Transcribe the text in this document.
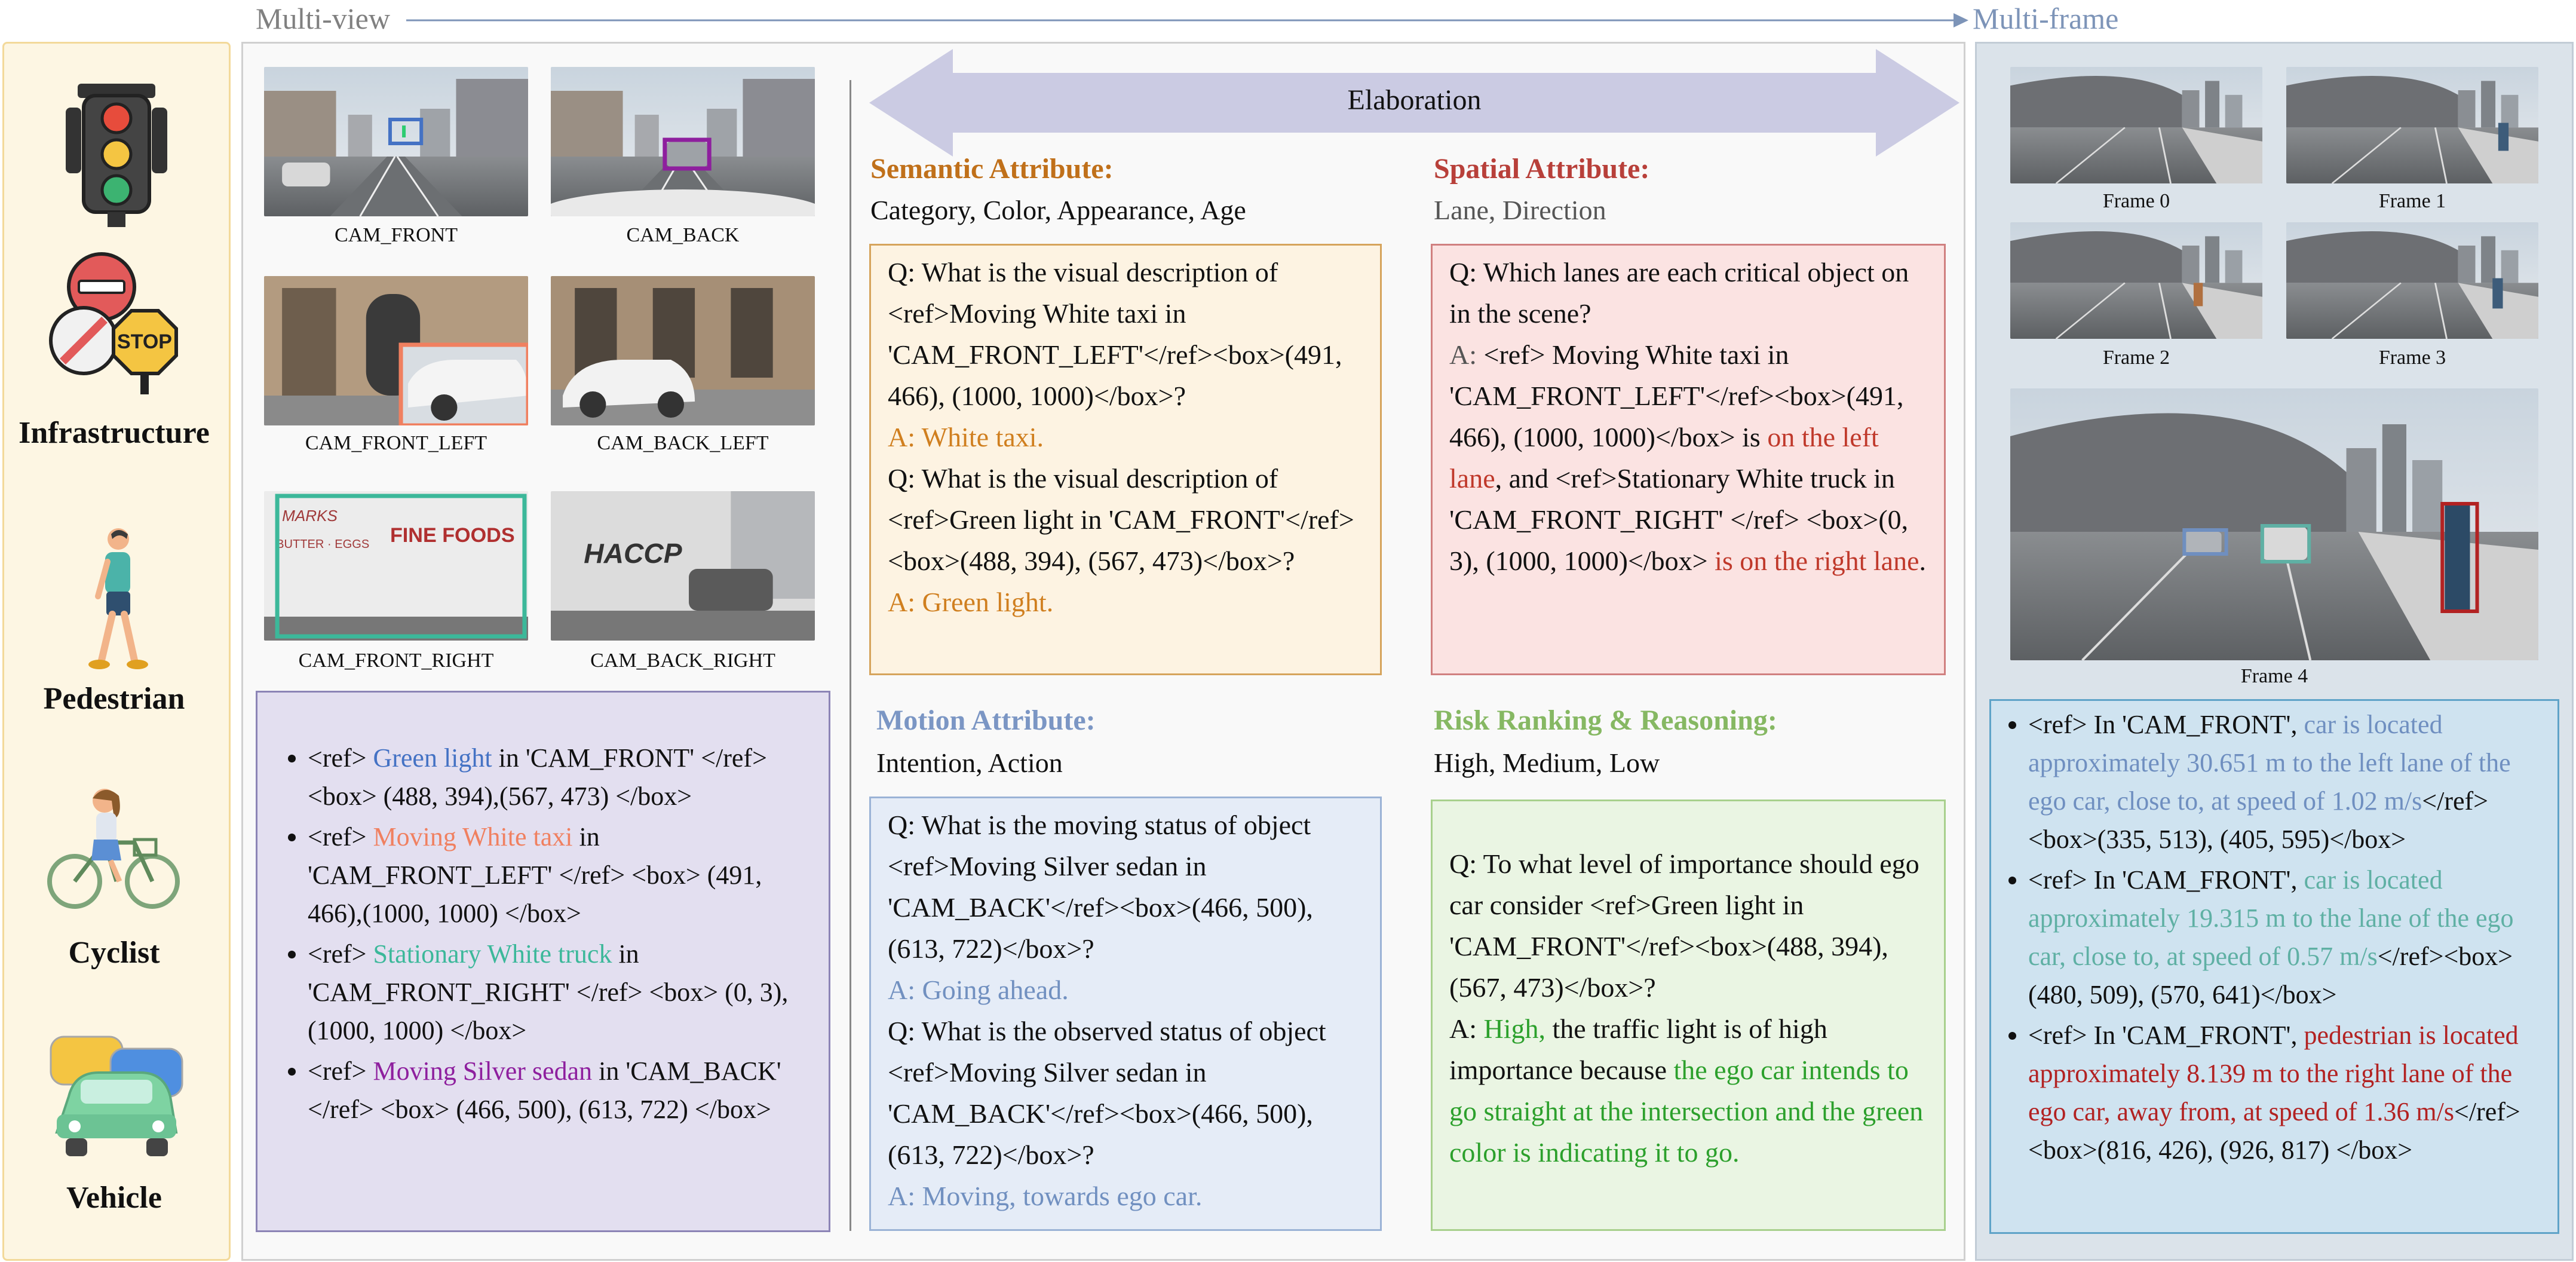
STOP
Infrastructure
Pedestrian
Cyclist
Vehicle
Multi-view	Multi-frame
CAM_FRONT	CAM_BACK
CAM_FRONT_LEFT	CAM_BACK_LEFT
MARKS
BUTTER · EGGS FINE FOODS
CAM_FRONT_RIGHT
HACCP
CAM_BACK_RIGHT
• <ref> Green light in 'CAM_FRONT' </ref> <box> (488, 394),(567, 473) </box>
• <ref> Moving White taxi in 'CAM_FRONT_LEFT' </ref> <box> (491, 466),(1000, 1000) </box>
• <ref> Stationary White truck in 'CAM_FRONT_RIGHT' </ref> <box> (0, 3), (1000, 1000) </box>
• <ref> Moving Silver sedan in 'CAM_BACK' </ref> <box> (466, 500), (613, 722) </box>
Elaboration
Semantic Attribute:
Category, Color, Appearance, Age
Q: What is the visual description of <ref>Moving White taxi in 'CAM_FRONT_LEFT'</ref><box>(491, 466), (1000, 1000)</box>?
A: White taxi.
Q: What is the visual description of <ref>Green light in 'CAM_FRONT'</ref><box>(488, 394), (567, 473)</box>?
A: Green light.
Spatial Attribute:
Lane, Direction
Q: Which lanes are each critical object on in the scene?
A: <ref> Moving White taxi in 'CAM_FRONT_LEFT'</ref><box>(491, 466), (1000, 1000)</box> is on the left lane, and <ref>Stationary White truck in 'CAM_FRONT_RIGHT' </ref> <box>(0, 3), (1000, 1000)</box> is on the right lane.
Motion Attribute:
Intention, Action
Q: What is the moving status of object <ref>Moving Silver sedan in 'CAM_BACK'</ref><box>(466, 500), (613, 722)</box>?
A: Going ahead.
Q: What is the observed status of object <ref>Moving Silver sedan in 'CAM_BACK'</ref><box>(466, 500), (613, 722)</box>?
A: Moving, towards ego car.
Risk Ranking & Reasoning:
High, Medium, Low
Q: To what level of importance should ego car consider <ref>Green light in 'CAM_FRONT'</ref><box>(488, 394), (567, 473)</box>?
A: High, the traffic light is of high importance because the ego car intends to go straight at the intersection and the green color is indicating it to go.
Frame 0	Frame 1
Frame 2	Frame 3
Frame 4
• <ref> In 'CAM_FRONT', car is located approximately 30.651 m to the left lane of the ego car, close to, at speed of 1.02 m/s</ref><box>(335, 513), (405, 595)</box>
• <ref> In 'CAM_FRONT', car is located approximately 19.315 m to the lane of the ego car, close to, at speed of 0.57 m/s</ref><box>(480, 509), (570, 641)</box>
• <ref> In 'CAM_FRONT', pedestrian is located approximately 8.139 m to the right lane of the ego car, away from, at speed of 1.36 m/s</ref><box>(816, 426), (926, 817) </box>
